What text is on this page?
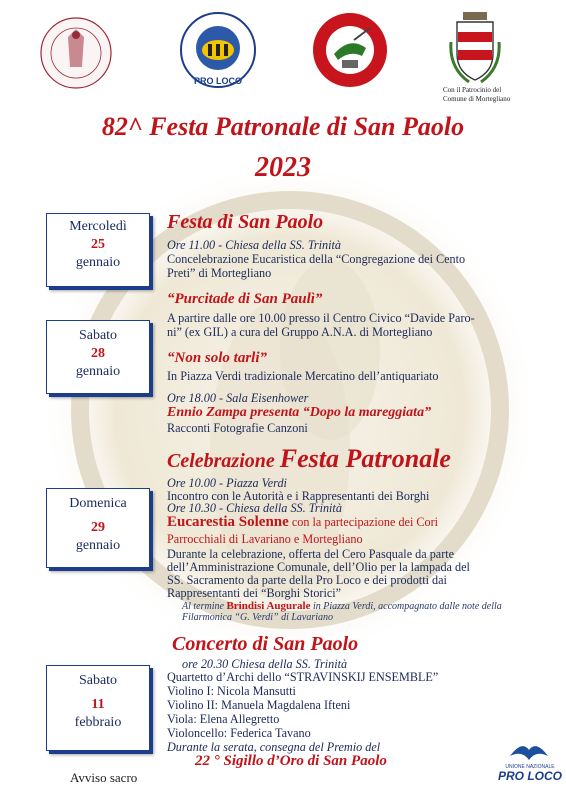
PRO LOCO
Con il Patrocinio del
Comune di Mortegliano
82^ Festa Patronale di San Paolo
2023
Mercoledì
25
gennaio
Sabato
28
gennaio
Domenica
29
gennaio
Sabato
11
febbraio
Festa di San Paolo
Ore 11.00 - Chiesa della SS. Trinità
Concelebrazione Eucaristica della “Congregazione dei Cento
Preti” di Mortegliano
“Purcitade di San Paulì”
A partire dalle ore 10.00 presso il Centro Civico “Davide Paro-
ni” (ex GIL) a cura del Gruppo A.N.A. di Mortegliano
“Non solo tarli”
In Piazza Verdi tradizionale Mercatino dell’antiquariato
Ore 18.00 - Sala Eisenhower
Ennio Zampa presenta “Dopo la mareggiata”
Racconti Fotografie Canzoni
Celebrazione Festa Patronale
Ore 10.00 - Piazza Verdi
Incontro con le Autorità e i Rappresentanti dei Borghi
Ore 10.30 - Chiesa della SS. Trinità
Eucarestia Solenne con la partecipazione dei Cori
Parrocchiali di Lavariano e Mortegliano
Durante la celebrazione, offerta del Cero Pasquale da parte
dell’Amministrazione Comunale, dell’Olio per la lampada del
SS. Sacramento da parte della Pro Loco e dei prodotti dai
Rappresentanti dei “Borghi Storici”
Al termine Brindisi Augurale in Piazza Verdi, accompagnato dalle note della
Filarmonica “G. Verdi” di Lavariano
Concerto di San Paolo
ore 20.30 Chiesa della SS. Trinità
Quartetto d’Archi dello “STRAVINSKIJ ENSEMBLE”
Violino I: Nicola Mansutti
Violino II: Manuela Magdalena Ifteni
Viola: Elena Allegretto
Violoncello: Federica Tavano
Durante la serata, consegna del Premio del
22 ° Sigillo d’Oro di San Paolo
Avviso sacro
UNIONE NAZIONALE
PRO LOCO
